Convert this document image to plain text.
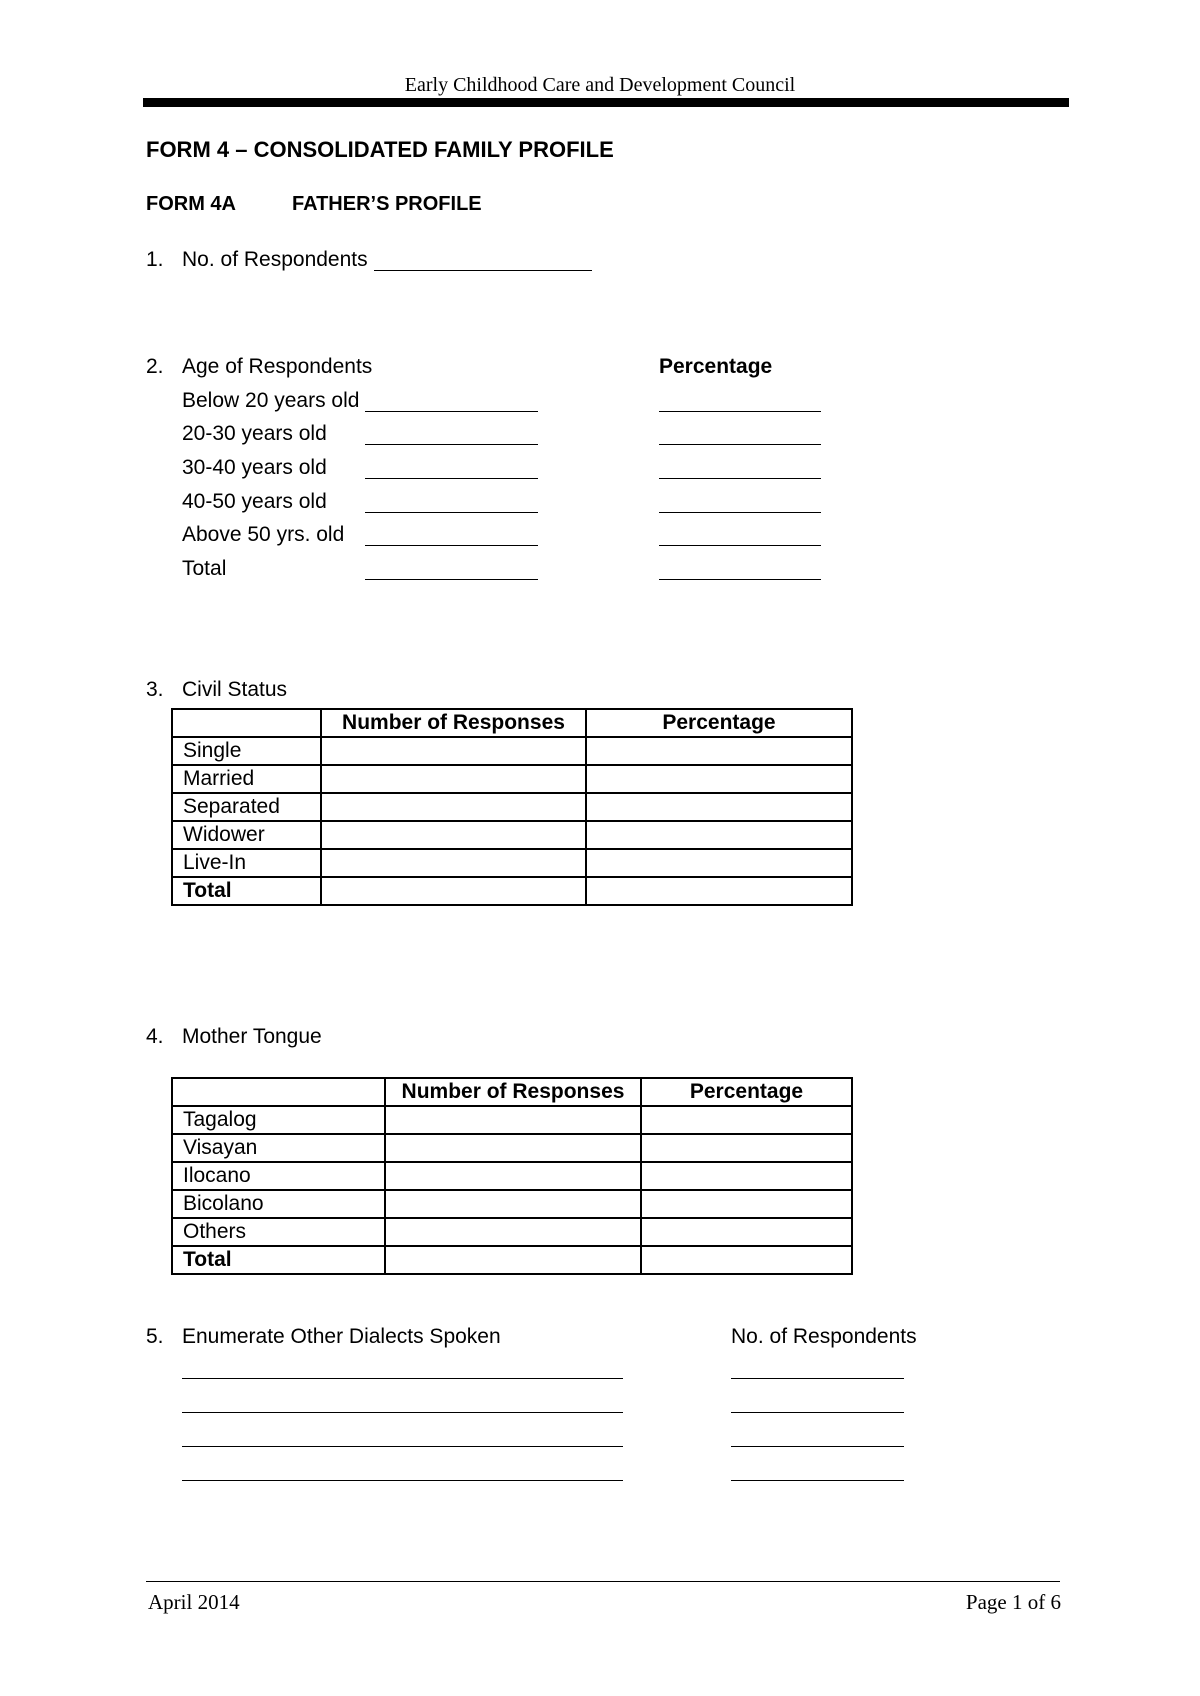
Early Childhood Care and Development Council
FORM 4 – CONSOLIDATED FAMILY PROFILE
FORM 4A	FATHER’S PROFILE
1. No. of Respondents
2. Age of Respondents	Percentage
Below 20 years old
20-30 years old
30-40 years old
40-50 years old
Above 50 yrs. old
Total
3. Civil Status
	Number of Responses	Percentage
Single		
Married		
Separated		
Widower		
Live-In		
Total		
4. Mother Tongue
	Number of Responses	Percentage
Tagalog		
Visayan		
Ilocano		
Bicolano		
Others		
Total		
5. Enumerate Other Dialects Spoken	No. of Respondents
April 2014	Page 1 of 6
